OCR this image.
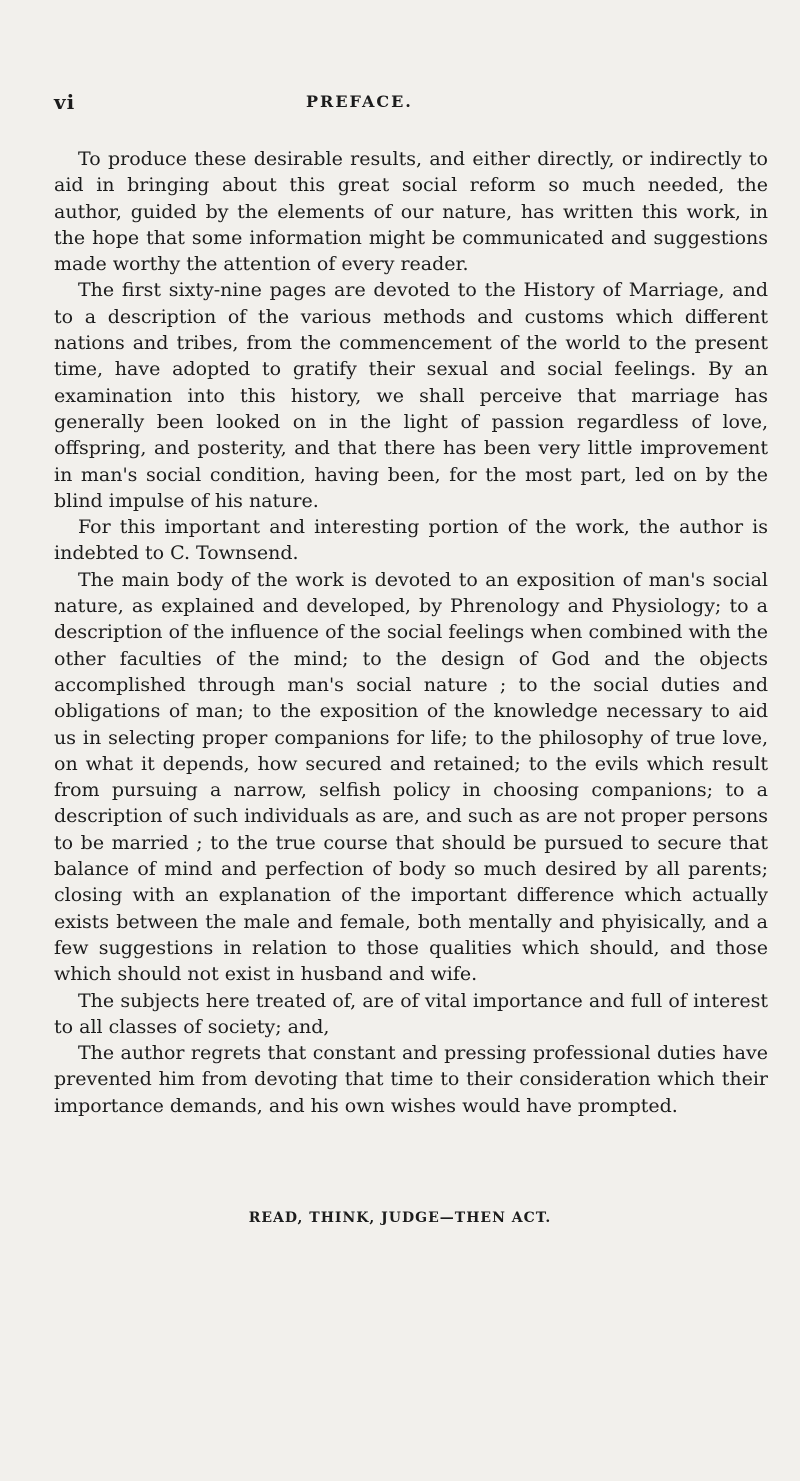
vi	PREFACE.

To produce these desirable results, and either directly, or indirectly to aid in bringing about this great social reform so much needed, the author, guided by the elements of our nature, has written this work, in the hope that some information might be communicated and suggestions made worthy the attention of every reader.

The first sixty-nine pages are devoted to the History of Marriage, and to a description of the various methods and customs which different nations and tribes, from the commencement of the world to the present time, have adopted to gratify their sexual and social feelings. By an examination into this history, we shall perceive that marriage has generally been looked on in the light of passion regardless of love, offspring, and posterity, and that there has been very little improvement in man's social condition, having been, for the most part, led on by the blind impulse of his nature.

For this important and interesting portion of the work, the author is indebted to C. Townsend.

The main body of the work is devoted to an exposition of man's social nature, as explained and developed, by Phrenology and Physiology; to a description of the influence of the social feelings when combined with the other faculties of the mind; to the design of God and the objects accomplished through man's social nature ; to the social duties and obligations of man; to the exposition of the knowledge necessary to aid us in selecting proper companions for life; to the philosophy of true love, on what it depends, how secured and retained; to the evils which result from pursuing a narrow, selfish policy in choosing companions; to a description of such individuals as are, and such as are not proper persons to be married ; to the true course that should be pursued to secure that balance of mind and perfection of body so much desired by all parents; closing with an explanation of the important difference which actually exists between the male and female, both mentally and phyisically, and a few suggestions in relation to those qualities which should, and those which should not exist in husband and wife.

The subjects here treated of, are of vital importance and full of interest to all classes of society; and,

The author regrets that constant and pressing professional duties have prevented him from devoting that time to their consideration which their importance demands, and his own wishes would have prompted.

READ, THINK, JUDGE—THEN ACT.
